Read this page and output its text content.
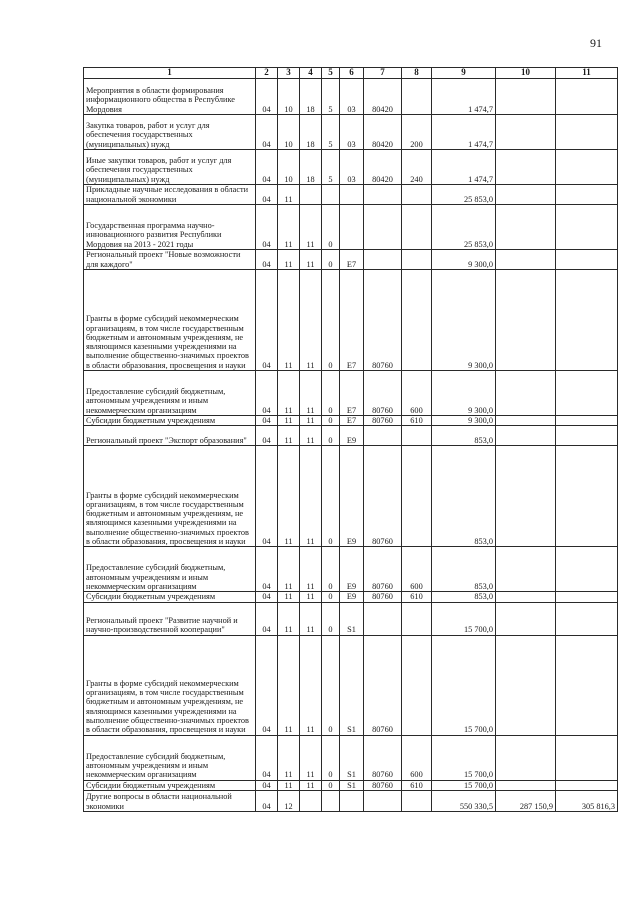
91
1	2	3	4	5	6	7	8	9	10	11
Мероприятия в области формирования информационного общества в Республике Мордовия	04	10	18	5	03	80420		1 474,7		
Закупка товаров, работ и услуг для обеспечения государственных (муниципальных) нужд	04	10	18	5	03	80420	200	1 474,7		
Иные закупки товаров, работ и услуг для обеспечения государственных (муниципальных) нужд	04	10	18	5	03	80420	240	1 474,7		
Прикладные научные исследования в области национальной экономики	04	11						25 853,0		
Государственная программа научно-инновационного развития Республики Мордовия на 2013 - 2021 годы	04	11	11	0				25 853,0		
Региональный проект "Новые возможности для каждого"	04	11	11	0	Е7			9 300,0		
Гранты в форме субсидий некоммерческим организациям, в том числе государственным бюджетным и автономным учреждениям, не являющимся казенными учреждениями на выполнение общественно-значимых проектов в области образования, просвещения и науки	04	11	11	0	Е7	80760		9 300,0		
Предоставление субсидий бюджетным, автономным учреждениям и иным некоммерческим организациям	04	11	11	0	Е7	80760	600	9 300,0		
Субсидии бюджетным учреждениям	04	11	11	0	Е7	80760	610	9 300,0		
Региональный проект "Экспорт образования"	04	11	11	0	Е9			853,0		
Гранты в форме субсидий некоммерческим организациям, в том числе государственным бюджетным и автономным учреждениям, не являющимся казенными учреждениями на выполнение общественно-значимых проектов в области образования, просвещения и науки	04	11	11	0	Е9	80760		853,0		
Предоставление субсидий бюджетным, автономным учреждениям и иным некоммерческим организациям	04	11	11	0	Е9	80760	600	853,0		
Субсидии бюджетным учреждениям	04	11	11	0	Е9	80760	610	853,0		
Региональный проект "Развитие научной и научно-производственной кооперации"	04	11	11	0	S1			15 700,0		
Гранты в форме субсидий некоммерческим организациям, в том числе государственным бюджетным и автономным учреждениям, не являющимся казенными учреждениями на выполнение общественно-значимых проектов в области образования, просвещения и науки	04	11	11	0	S1	80760		15 700,0		
Предоставление субсидий бюджетным, автономным учреждениям и иным некоммерческим организациям	04	11	11	0	S1	80760	600	15 700,0		
Субсидии бюджетным учреждениям	04	11	11	0	S1	80760	610	15 700,0		
Другие вопросы в области национальной экономики	04	12						550 330,5	287 150,9	305 816,3
